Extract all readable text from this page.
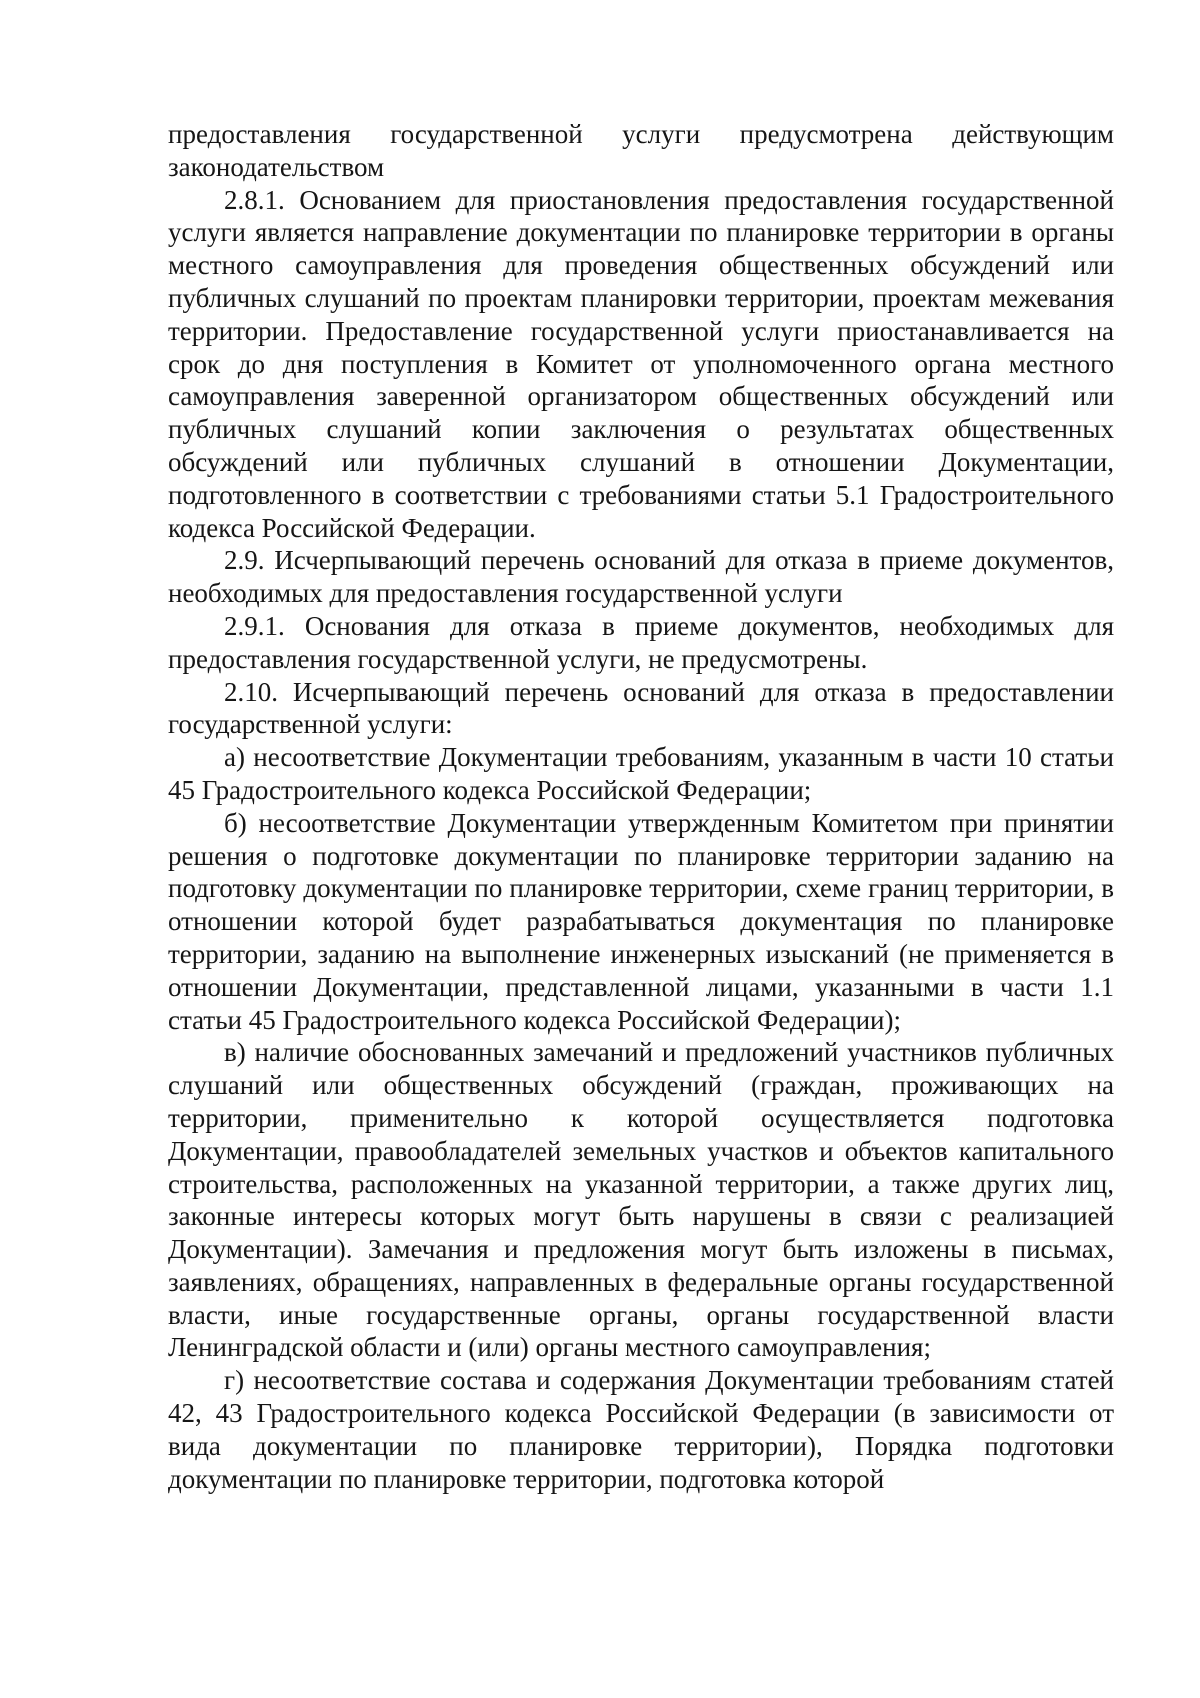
предоставления государственной услуги предусмотрена действующим законодательством

2.8.1. Основанием для приостановления предоставления государственной услуги является направление документации по планировке территории в органы местного самоуправления для проведения общественных обсуждений или публичных слушаний по проектам планировки территории, проектам межевания территории. Предоставление государственной услуги приостанавливается на срок до дня поступления в Комитет от уполномоченного органа местного самоуправления заверенной организатором общественных обсуждений или публичных слушаний копии заключения о результатах общественных обсуждений или публичных слушаний в отношении Документации, подготовленного в соответствии с требованиями статьи 5.1 Градостроительного кодекса Российской Федерации.

2.9. Исчерпывающий перечень оснований для отказа в приеме документов, необходимых для предоставления государственной услуги

2.9.1. Основания для отказа в приеме документов, необходимых для предоставления государственной услуги, не предусмотрены.

2.10. Исчерпывающий перечень оснований для отказа в предоставлении государственной услуги:

а) несоответствие Документации требованиям, указанным в части 10 статьи 45 Градостроительного кодекса Российской Федерации;

б) несоответствие Документации утвержденным Комитетом при принятии решения о подготовке документации по планировке территории заданию на подготовку документации по планировке территории, схеме границ территории, в отношении которой будет разрабатываться документация по планировке территории, заданию на выполнение инженерных изысканий (не применяется в отношении Документации, представленной лицами, указанными в части 1.1 статьи 45 Градостроительного кодекса Российской Федерации);

в) наличие обоснованных замечаний и предложений участников публичных слушаний или общественных обсуждений (граждан, проживающих на территории, применительно к которой осуществляется подготовка Документации, правообладателей земельных участков и объектов капитального строительства, расположенных на указанной территории, а также других лиц, законные интересы которых могут быть нарушены в связи с реализацией Документации). Замечания и предложения могут быть изложены в письмах, заявлениях, обращениях, направленных в федеральные органы государственной власти, иные государственные органы, органы государственной власти Ленинградской области и (или) органы местного самоуправления;

г) несоответствие состава и содержания Документации требованиям статей 42, 43 Градостроительного кодекса Российской Федерации (в зависимости от вида документации по планировке территории), Порядка подготовки документации по планировке территории, подготовка которой
